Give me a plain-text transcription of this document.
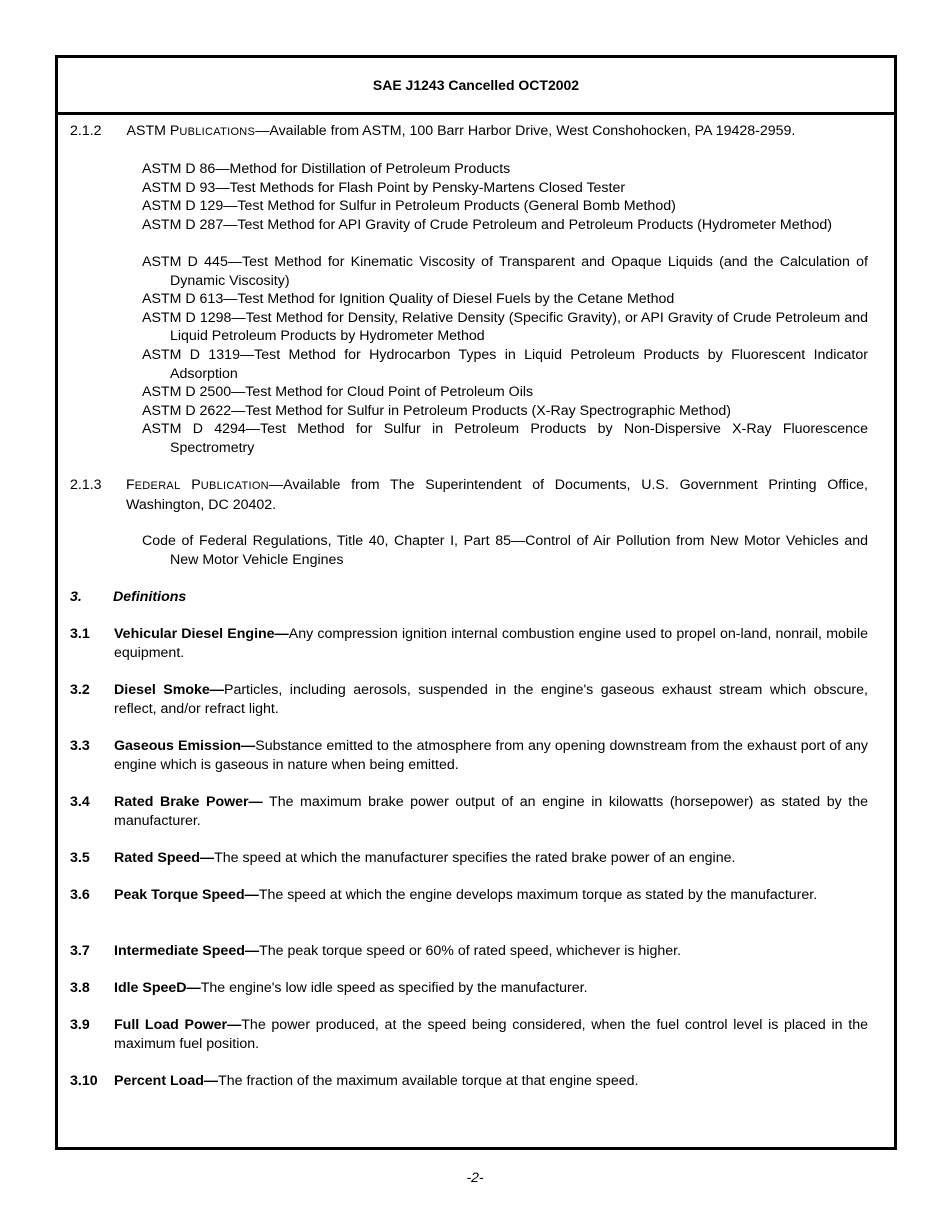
SAE J1243 Cancelled OCT2002
2.1.2 ASTM PUBLICATIONS—Available from ASTM, 100 Barr Harbor Drive, West Conshohocken, PA 19428-2959.
ASTM D 86—Method for Distillation of Petroleum Products
ASTM D 93—Test Methods for Flash Point by Pensky-Martens Closed Tester
ASTM D 129—Test Method for Sulfur in Petroleum Products (General Bomb Method)
ASTM D 287—Test Method for API Gravity of Crude Petroleum and Petroleum Products (Hydrometer Method)
ASTM D 445—Test Method for Kinematic Viscosity of Transparent and Opaque Liquids (and the Calculation of Dynamic Viscosity)
ASTM D 613—Test Method for Ignition Quality of Diesel Fuels by the Cetane Method
ASTM D 1298—Test Method for Density, Relative Density (Specific Gravity), or API Gravity of Crude Petroleum and Liquid Petroleum Products by Hydrometer Method
ASTM D 1319—Test Method for Hydrocarbon Types in Liquid Petroleum Products by Fluorescent Indicator Adsorption
ASTM D 2500—Test Method for Cloud Point of Petroleum Oils
ASTM D 2622—Test Method for Sulfur in Petroleum Products (X-Ray Spectrographic Method)
ASTM D 4294—Test Method for Sulfur in Petroleum Products by Non-Dispersive X-Ray Fluorescence Spectrometry
2.1.3 FEDERAL PUBLICATION—Available from The Superintendent of Documents, U.S. Government Printing Office, Washington, DC 20402.
Code of Federal Regulations, Title 40, Chapter I, Part 85—Control of Air Pollution from New Motor Vehicles and New Motor Vehicle Engines
3. Definitions
3.1 Vehicular Diesel Engine—Any compression ignition internal combustion engine used to propel on-land, nonrail, mobile equipment.
3.2 Diesel Smoke—Particles, including aerosols, suspended in the engine's gaseous exhaust stream which obscure, reflect, and/or refract light.
3.3 Gaseous Emission—Substance emitted to the atmosphere from any opening downstream from the exhaust port of any engine which is gaseous in nature when being emitted.
3.4 Rated Brake Power— The maximum brake power output of an engine in kilowatts (horsepower) as stated by the manufacturer.
3.5 Rated Speed—The speed at which the manufacturer specifies the rated brake power of an engine.
3.6 Peak Torque Speed—The speed at which the engine develops maximum torque as stated by the manufacturer.
3.7 Intermediate Speed—The peak torque speed or 60% of rated speed, whichever is higher.
3.8 Idle SpeeD—The engine's low idle speed as specified by the manufacturer.
3.9 Full Load Power—The power produced, at the speed being considered, when the fuel control level is placed in the maximum fuel position.
3.10 Percent Load—The fraction of the maximum available torque at that engine speed.
-2-
